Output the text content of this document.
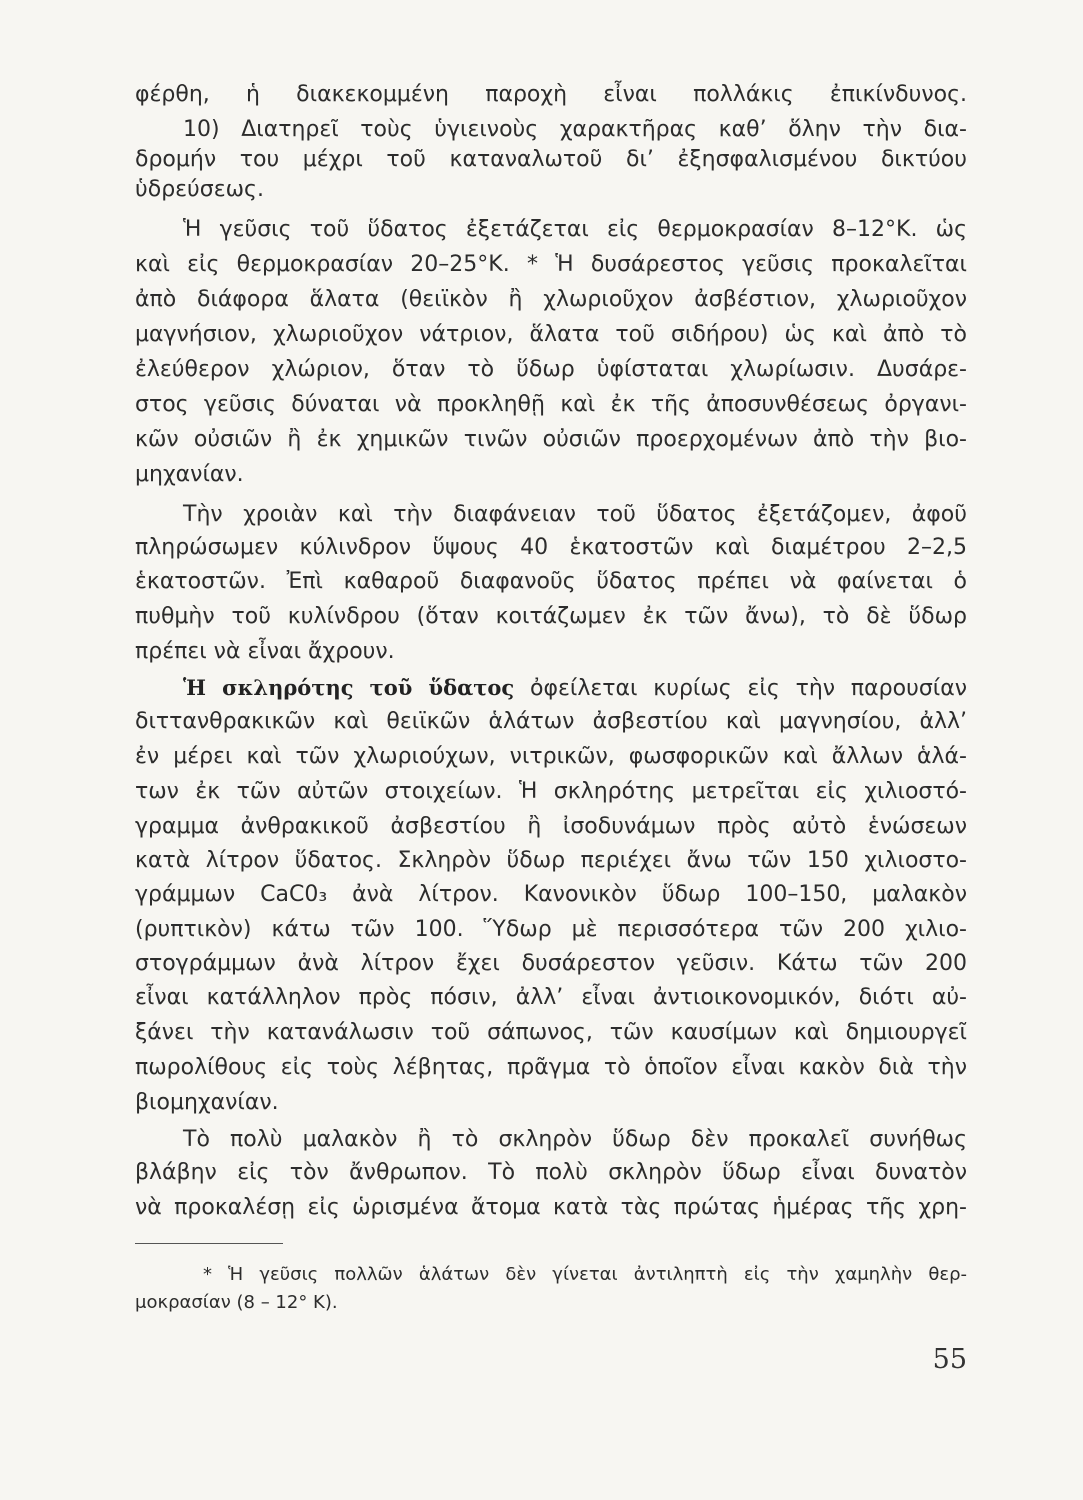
φέρθη, ἡ διακεκομμένη παροχὴ εἶναι πολλάκις ἐπικίνδυνος.
10) Διατηρεῖ τοὺς ὑγιεινοὺς χαρακτῆρας καθ’ ὅλην τὴν δια-
δρομήν του μέχρι τοῦ καταναλωτοῦ δι’ ἐξησφαλισμένου δικτύου
ὑδρεύσεως.
Ἡ γεῦσις τοῦ ὕδατος ἐξετάζεται εἰς θερμοκρασίαν 8–12°Κ. ὡς
καὶ εἰς θερμοκρασίαν 20–25°Κ. * Ἡ δυσάρεστος γεῦσις προκαλεῖται
ἀπὸ διάφορα ἅλατα (θειϊκὸν ἢ χλωριοῦχον ἀσβέστιον, χλωριοῦχον
μαγνήσιον, χλωριοῦχον νάτριον, ἅλατα τοῦ σιδήρου) ὡς καὶ ἀπὸ τὸ
ἐλεύθερον χλώριον, ὅταν τὸ ὕδωρ ὑφίσταται χλωρίωσιν. Δυσάρε-
στος γεῦσις δύναται νὰ προκληθῇ καὶ ἐκ τῆς ἀποσυνθέσεως ὀργανι-
κῶν οὐσιῶν ἢ ἐκ χημικῶν τινῶν οὐσιῶν προερχομένων ἀπὸ τὴν βιο-
μηχανίαν.
Τὴν χροιὰν καὶ τὴν διαφάνειαν τοῦ ὕδατος ἐξετάζομεν, ἀφοῦ
πληρώσωμεν κύλινδρον ὕψους 40 ἑκατοστῶν καὶ διαμέτρου 2–2,5
ἑκατοστῶν. Ἐπὶ καθαροῦ διαφανοῦς ὕδατος πρέπει νὰ φαίνεται ὁ
πυθμὴν τοῦ κυλίνδρου (ὅταν κοιτάζωμεν ἐκ τῶν ἄνω), τὸ δὲ ὕδωρ
πρέπει νὰ εἶναι ἄχρουν.
Ἡ σκληρότης τοῦ ὕδατος ὀφείλεται κυρίως εἰς τὴν παρουσίαν
διττανθρακικῶν καὶ θειϊκῶν ἁλάτων ἀσβεστίου καὶ μαγνησίου, ἀλλ’
ἐν μέρει καὶ τῶν χλωριούχων, νιτρικῶν, φωσφορικῶν καὶ ἄλλων ἁλά-
των ἐκ τῶν αὐτῶν στοιχείων. Ἡ σκληρότης μετρεῖται εἰς χιλιοστό-
γραμμα ἀνθρακικοῦ ἀσβεστίου ἢ ἰσοδυνάμων πρὸς αὐτὸ ἑνώσεων
κατὰ λίτρον ὕδατος. Σκληρὸν ὕδωρ περιέχει ἄνω τῶν 150 χιλιοστο-
γράμμων CaC0₃ ἀνὰ λίτρον. Κανονικὸν ὕδωρ 100–150, μαλακὸν
(ρυπτικὸν) κάτω τῶν 100. Ὕδωρ μὲ περισσότερα τῶν 200 χιλιο-
στογράμμων ἀνὰ λίτρον ἔχει δυσάρεστον γεῦσιν. Κάτω τῶν 200
εἶναι κατάλληλον πρὸς πόσιν, ἀλλ’ εἶναι ἀντιοικονομικόν, διότι αὐ-
ξάνει τὴν κατανάλωσιν τοῦ σάπωνος, τῶν καυσίμων καὶ δημιουργεῖ
πωρολίθους εἰς τοὺς λέβητας, πρᾶγμα τὸ ὁποῖον εἶναι κακὸν διὰ τὴν
βιομηχανίαν.
Τὸ πολὺ μαλακὸν ἢ τὸ σκληρὸν ὕδωρ δὲν προκαλεῖ συνήθως
βλάβην εἰς τὸν ἄνθρωπον. Τὸ πολὺ σκληρὸν ὕδωρ εἶναι δυνατὸν
νὰ προκαλέσῃ εἰς ὡρισμένα ἄτομα κατὰ τὰς πρώτας ἡμέρας τῆς χρη-
* Ἡ γεῦσις πολλῶν ἁλάτων δὲν γίνεται ἀντιληπτὴ εἰς τὴν χαμηλὴν θερ-
μοκρασίαν (8 – 12° Κ).
55
